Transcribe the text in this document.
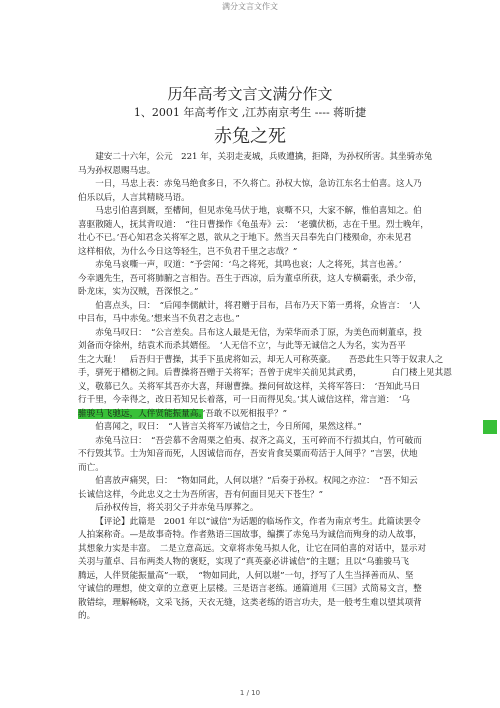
满分文言文作文
历年高考文言文满分作文
1、2001 年高考作文 ,江苏南京考生 ---- 蒋昕捷
赤兔之死

建安二十六年，公元　221 年，关羽走麦城，兵败遭擒，拒降，为孙权所害。其坐骑赤兔
马为孙权恩赐马忠。

一日，马忠上表：赤兔马绝食多日，不久将亡。孙权大惊，急访江东名士伯喜。这人乃
伯乐以后，人言其精晓马语。

马忠引伯喜到厩，至槽间，但见赤兔马伏于地，哀嘶不只，大家不解，惟伯喜知之。伯
喜驱散随人，抚其背叹道：　“往日曹操作《龟虽寿》云：　‘老骥伏枥，志在千里。烈士晚年，
壮心不已。’吾心知君念关将军之恩，欲从之于地下。然当天吕奉先白门楼殒命，亦未见君
这样相依，为什么今日这等轻生，岂不负君千里之志哉？”

赤兔马哀嘶一声，叹道：“予尝闻：‘鸟之将死，其鸣也哀；人之将死，其言也善。’
今幸遇先生，吾可将肺腑之言相告。吾生于西凉，后为董卓所获，这人专横霸张，杀少帝，
卧龙床，实为汉贼，吾深恨之。”

伯喜点头，曰：　“后闻李儒献计，将君赠于吕布，吕布乃天下第一勇将，众皆言：　‘人
中吕布，马中赤兔。’想来当不负君之志也。”

赤兔马叹曰：　“公言差矣。吕布这人最是无信，为荣华而杀丁原，为美色而刺董卓，投
刘备而夺徐州，结袁术而杀其婿侄。　‘人无信不立’，与此等无诚信之人为名，实为吾平
生之大耻！　后吾归于曹操，其手下虽虎将如云，却无人可称英豪。　　吾恐此生只等于奴隶人之
手，骈死于槽枥之间。后曹操将吾赠于关将军；吾曾于虎牢关前见其武勇，　　　　白门楼上见其恩
义，敬慕已久。关将军其吾亦大喜，拜谢曹操。操问何故这样，关将军答曰：　‘吾知此马日
行千里，今幸得之，改日若知兄长着落，可一日而得见矣。’其人诚信这样，常言道：　‘乌
骓骏马飞驰远，人伴贤能振量高。’吾敢不以死相报乎？”

伯喜闻之，叹曰：　“人皆言关将军乃诚信之士，今日所闻，果然这样。”

赤兔马泣曰：　“吾尝慕不舍周栗之伯夷、叔齐之高义，玉可碎而不行损其白，竹可破而
不行毁其节。士为知音而死，人因诚信而存，吾安肯食吴粟而苟活于人间乎？”言罢，伏地
而亡。

伯喜放声痛哭，曰：　“物如同此，人何以堪？”后奏于孙权。权闻之亦泣：　“吾不知云
长诚信这样，今此忠义之士为吾所害，吾有何面目见天下苍生？”

后孙权传旨，将关羽父子并赤兔马厚葬之。

【评论】此篇是　2001 年以“诚信”为话题的临场作文，作者为南京考生。此篇读罢令
人拍案称奇。—是故事奇特。作者熟语三国故事，编撰了赤兔马为诚信而殉身的动人故事，
其想象力实是丰富。　二是立意高远。文章将赤兔马拟人化，让它在同伯喜的对话中，显示对
关羽与董卓、吕布两类人物的褒贬，实现了“真英豪必讲诚信”的主题；且以“乌骓骏马飞
腾远，人伴贤能振量高”一联，　“物如同此，人何以堪”一句，抒写了人生当择善而从、坚
守诚信的理想，使文章的立意更上层楼。三是语言老练。通篇道用《三国》式简易文言，整
散错综，理解畅晓，文采飞扬，天衣无缝，这类老练的语言功夫，是一般考生难以望其项背
的。

1 / 10
